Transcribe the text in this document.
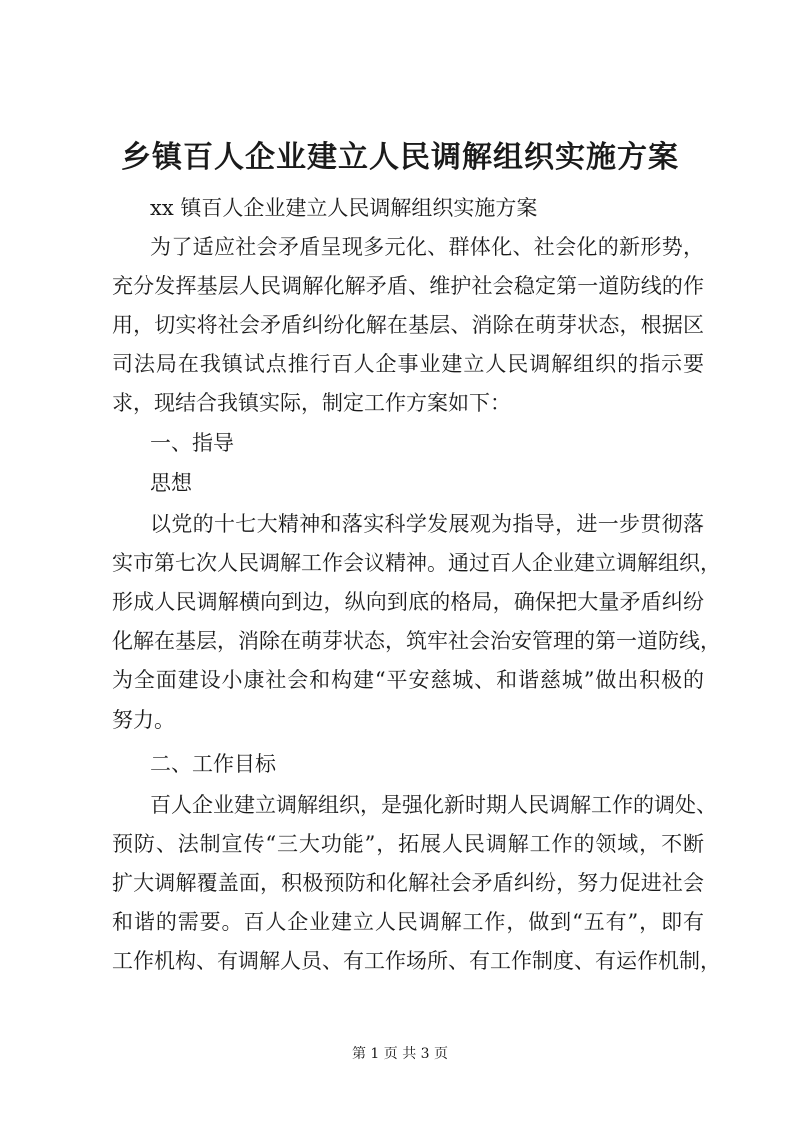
乡镇百人企业建立人民调解组织实施方案

xx 镇百人企业建立人民调解组织实施方案

为了适应社会矛盾呈现多元化、群体化、社会化的新形势，

充分发挥基层人民调解化解矛盾、维护社会稳定第一道防线的作

用，切实将社会矛盾纠纷化解在基层、消除在萌芽状态，根据区

司法局在我镇试点推行百人企事业建立人民调解组织的指示要

求，现结合我镇实际，制定工作方案如下：

一、指导

思想

以党的十七大精神和落实科学发展观为指导，进一步贯彻落

实市第七次人民调解工作会议精神。通过百人企业建立调解组织，

形成人民调解横向到边，纵向到底的格局，确保把大量矛盾纠纷

化解在基层，消除在萌芽状态，筑牢社会治安管理的第一道防线，

为全面建设小康社会和构建“平安慈城、和谐慈城”做出积极的

努力。

二、工作目标

百人企业建立调解组织，是强化新时期人民调解工作的调处、

预防、法制宣传“三大功能”，拓展人民调解工作的领域，不断

扩大调解覆盖面，积极预防和化解社会矛盾纠纷，努力促进社会

和谐的需要。百人企业建立人民调解工作，做到“五有”，即有

工作机构、有调解人员、有工作场所、有工作制度、有运作机制，

第 1 页 共 3 页
